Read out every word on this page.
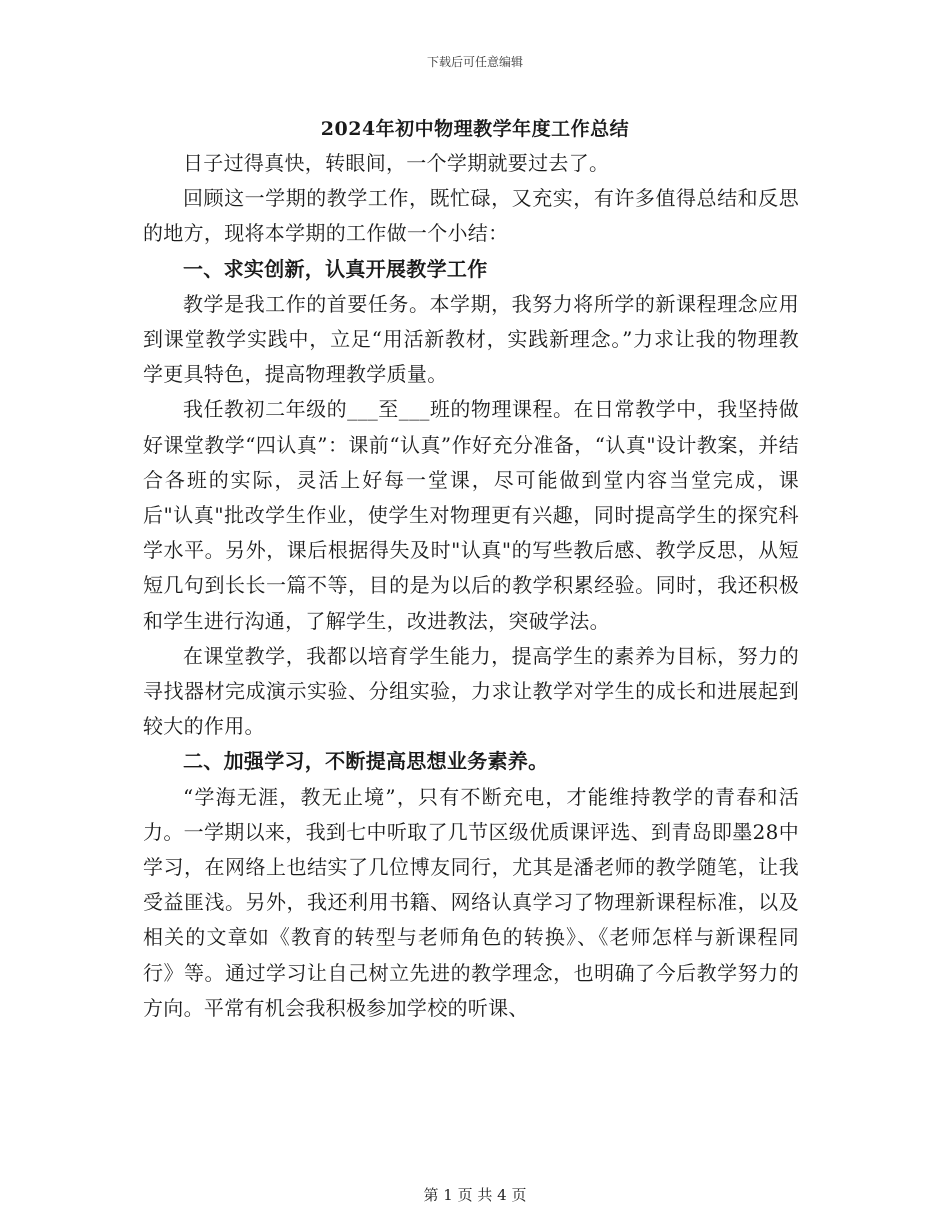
下载后可任意编辑
2024年初中物理教学年度工作总结

日子过得真快，转眼间，一个学期就要过去了。

回顾这一学期的教学工作，既忙碌，又充实，有许多值得总结和反思的地方，现将本学期的工作做一个小结：

一、求实创新，认真开展教学工作

教学是我工作的首要任务。本学期，我努力将所学的新课程理念应用到课堂教学实践中，立足“用活新教材，实践新理念。”力求让我的物理教学更具特色，提高物理教学质量。

我任教初二年级的___至___班的物理课程。在日常教学中，我坚持做好课堂教学“四认真”：课前“认真”作好充分准备，“认真"设计教案，并结合各班的实际，灵活上好每一堂课，尽可能做到堂内容当堂完成，课后"认真"批改学生作业，使学生对物理更有兴趣，同时提高学生的探究科学水平。另外，课后根据得失及时"认真"的写些教后感、教学反思，从短短几句到长长一篇不等，目的是为以后的教学积累经验。同时，我还积极和学生进行沟通，了解学生，改进教法，突破学法。

在课堂教学，我都以培育学生能力，提高学生的素养为目标，努力的寻找器材完成演示实验、分组实验，力求让教学对学生的成长和进展起到较大的作用。

二、加强学习，不断提高思想业务素养。

“学海无涯，教无止境”，只有不断充电，才能维持教学的青春和活力。一学期以来，我到七中听取了几节区级优质课评选、到青岛即墨28中学习，在网络上也结实了几位博友同行，尤其是潘老师的教学随笔，让我受益匪浅。另外，我还利用书籍、网络认真学习了物理新课程标准，以及相关的文章如《教育的转型与老师角色的转换》、《老师怎样与新课程同行》等。通过学习让自己树立先进的教学理念，也明确了今后教学努力的方向。平常有机会我积极参加学校的听课、

第 1 页 共 4 页
